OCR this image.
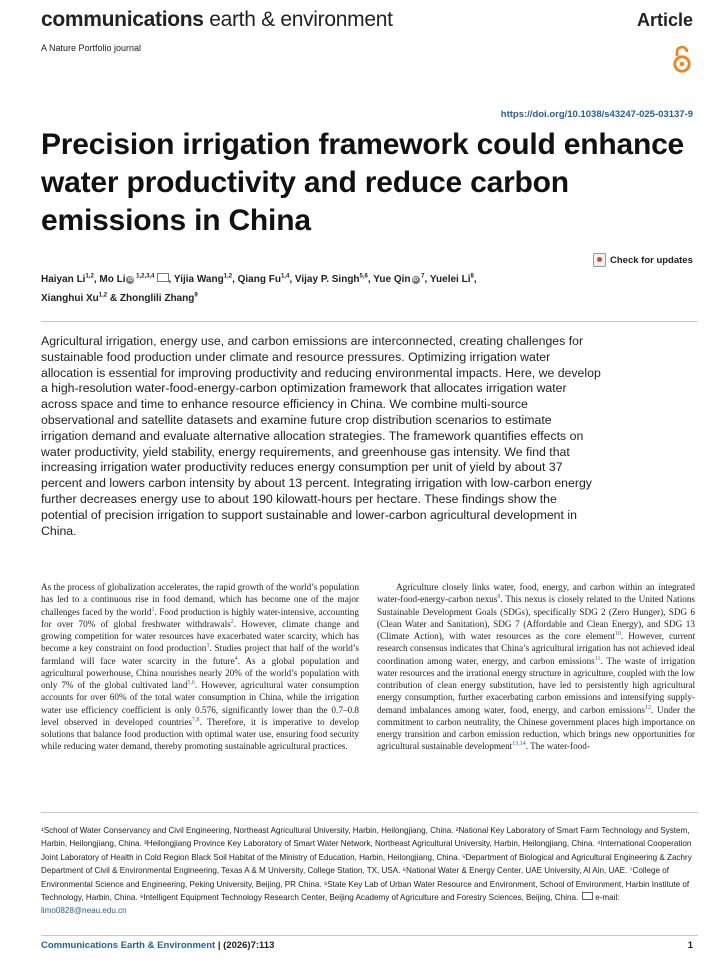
communications earth & environment
A Nature Portfolio journal
Article
https://doi.org/10.1038/s43247-025-03137-9
Precision irrigation framework could enhance water productivity and reduce carbon emissions in China
Check for updates
Haiyan Li$^{1,2}$, Mo Li iD $^{1,2,3,4}$ , Yijia Wang$^{1,2}$, Qiang Fu$^{1,4}$, Vijay P. Singh$^{5,6}$, Yue Qin iD $^7$, Yuelei Li$^8$,
Xianghui Xu$^{1,2}$ & Zhonglili Zhang$^9$
Agricultural irrigation, energy use, and carbon emissions are interconnected, creating challenges for sustainable food production under climate and resource pressures. Optimizing irrigation water allocation is essential for improving productivity and reducing environmental impacts. Here, we develop a high-resolution water-food-energy-carbon optimization framework that allocates irrigation water across space and time to enhance resource efficiency in China. We combine multi-source observational and satellite datasets and examine future crop distribution scenarios to estimate irrigation demand and evaluate alternative allocation strategies. The framework quantifies effects on water productivity, yield stability, energy requirements, and greenhouse gas intensity. We find that increasing irrigation water productivity reduces energy consumption per unit of yield by about 37 percent and lowers carbon intensity by about 13 percent. Integrating irrigation with low-carbon energy further decreases energy use to about 190 kilowatt-hours per hectare. These findings show the potential of precision irrigation to support sustainable and lower-carbon agricultural development in China.

As the process of globalization accelerates, the rapid growth of the world’s population has led to a continuous rise in food demand, which has become one of the major challenges faced by the world$^1$. Food production is highly water-intensive, accounting for over 70% of global freshwater withdrawals$^2$. However, climate change and growing competition for water resources have exacerbated water scarcity, which has become a key constraint on food production$^3$. Studies project that half of the world’s farmland will face water scarcity in the future$^4$. As a global population and agricultural powerhouse, China nourishes nearly 20% of the world’s population with only 7% of the global cultivated land$^{5,6}$. However, agricultural water consumption accounts for over 60% of the total water consumption in China, while the irrigation water use efficiency coefficient is only 0.576, significantly lower than the 0.7–0.8 level observed in developed countries$^{7,8}$. Therefore, it is imperative to develop solutions that balance food production with optimal water use, ensuring food security while reducing water demand, thereby promoting sustainable agricultural practices.

Agriculture closely links water, food, energy, and carbon within an integrated water-food-energy-carbon nexus$^9$. This nexus is closely related to the United Nations Sustainable Development Goals (SDGs), specifically SDG 2 (Zero Hunger), SDG 6 (Clean Water and Sanitation), SDG 7 (Affordable and Clean Energy), and SDG 13 (Climate Action), with water resources as the core element$^{10}$. However, current research consensus indicates that China’s agricultural irrigation has not achieved ideal coordination among water, energy, and carbon emissions$^{11}$. The waste of irrigation water resources and the irrational energy structure in agriculture, coupled with the low contribution of clean energy substitution, have led to persistently high agricultural energy consumption, further exacerbating carbon emissions and intensifying supply-demand imbalances among water, food, energy, and carbon emissions$^{12}$. Under the commitment to carbon neutrality, the Chinese government places high importance on energy transition and carbon emission reduction, which brings new opportunities for agricultural sustainable development$^{13,14}$. The water-food-

¹School of Water Conservancy and Civil Engineering, Northeast Agricultural University, Harbin, Heilongjiang, China. ²National Key Laboratory of Smart Farm Technology and System, Harbin, Heilongjiang, China. ³Heilongjiang Province Key Laboratory of Smart Water Network, Northeast Agricultural University, Harbin, Heilongjiang, China. ⁴International Cooperation Joint Laboratory of Health in Cold Region Black Soil Habitat of the Ministry of Education, Harbin, Heilongjiang, China. ⁵Department of Biological and Agricultural Engineering & Zachry Department of Civil & Environmental Engineering, Texas A & M University, College Station, TX, USA. ⁶National Water & Energy Center, UAE University, Al Ain, UAE. ⁷College of Environmental Science and Engineering, Peking University, Beijing, PR China. ⁸State Key Lab of Urban Water Resource and Environment, School of Environment, Harbin Institute of Technology, Harbin, China. ⁹Intelligent Equipment Technology Research Center, Beijing Academy of Agriculture and Forestry Sciences, Beijing, China. e-mail: limo0828@neau.edu.cn
Communications Earth & Environment | (2026)7:113	1
